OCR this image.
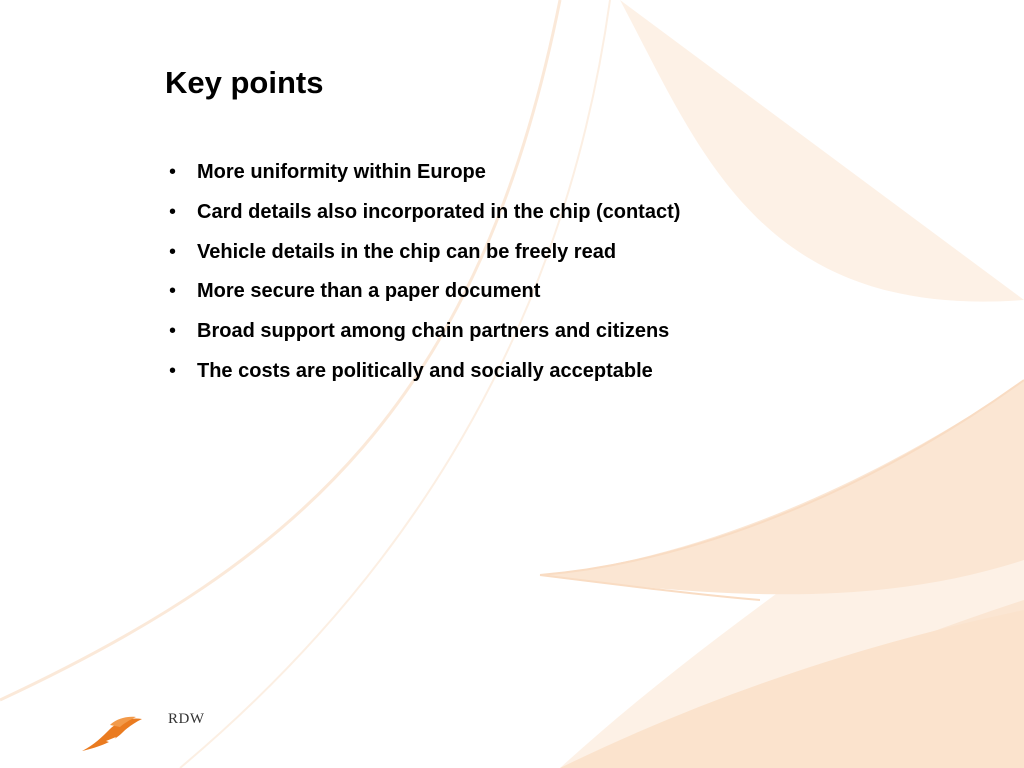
Key points
•	More uniformity within Europe
•	Card details also incorporated in the chip (contact)
•	Vehicle details in the chip can be freely read
•	More secure than a paper document
•	Broad support among chain partners and citizens
•	The costs are politically and socially acceptable
RDW
